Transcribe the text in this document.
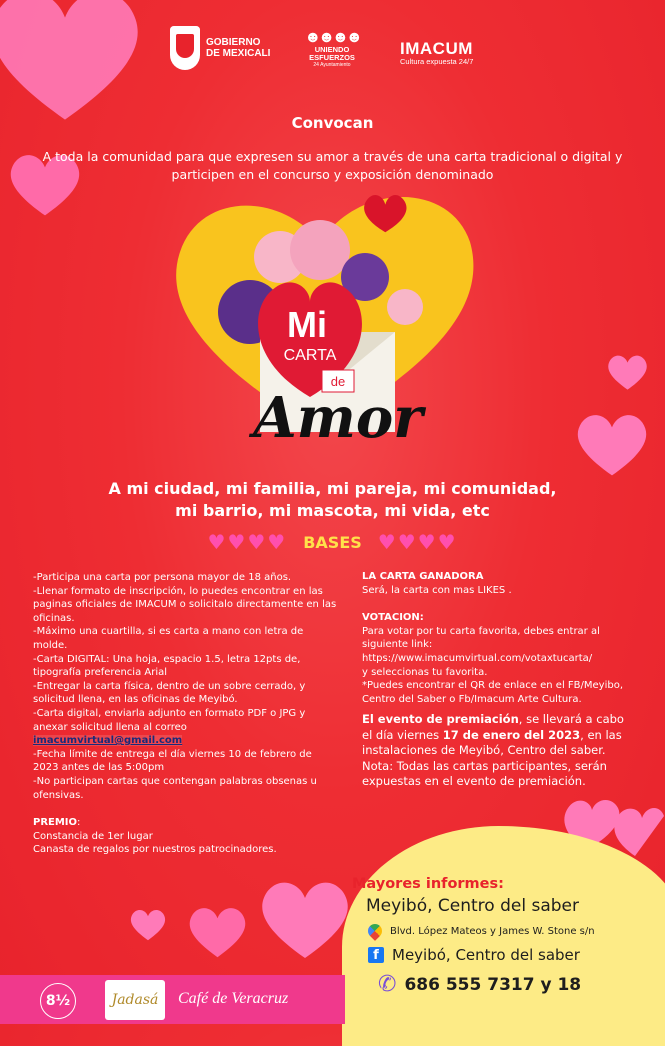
GOBIERNO
DE MEXICALI
☻☻☻☻
UNIENDO
ESFUERZOS
24 Ayuntamiento
IMACUM
Cultura expuesta 24/7
Convocan
A toda la comunidad para que expresen su amor a través de una carta tradicional o digital y participen en el concurso y exposición denominado
Mi
CARTA
de
Amor
A mi ciudad, mi familia, mi pareja, mi comunidad,
mi barrio, mi mascota, mi vida, etc
♥♥♥♥ BASES ♥♥♥♥
-Participa una carta por persona mayor de 18 años.
-Llenar formato de inscripción, lo puedes encontrar en las paginas oficiales de IMACUM o solicitalo directamente en las oficinas.
-Máximo una cuartilla, si es carta a mano con letra de molde.
-Carta DIGITAL: Una hoja, espacio 1.5, letra 12pts de, tipografía preferencia Arial
-Entregar la carta física, dentro de un sobre cerrado, y solicitud llena, en las oficinas de Meyibó.
-Carta digital, enviarla adjunto en formato PDF o JPG y anexar solicitud llena al correo
imacumvirtual@gmail.com
-Fecha límite de entrega el día viernes 10 de febrero de 2023 antes de las 5:00pm
-No participan cartas que contengan palabras obsenas u ofensivas.
PREMIO:
Constancia de 1er lugar
Canasta de regalos por nuestros patrocinadores.
LA CARTA GANADORA
Será, la carta con mas LIKES .
VOTACION:
Para votar por tu carta favorita, debes entrar al siguiente link:
https://www.imacumvirtual.com/votaxtucarta/
y seleccionas tu favorita.
*Puedes encontrar el QR de enlace en el FB/Meyibo, Centro del Saber o Fb/Imacum Arte Cultura.
El evento de premiación, se llevará a cabo el día viernes 17 de enero del 2023, en las instalaciones de Meyibó, Centro del saber.
Nota: Todas las cartas participantes, serán expuestas en el evento de premiación.
Mayores informes:
Meyibó, Centro del saber
Blvd. López Mateos y James W. Stone s/n
f Meyibó, Centro del saber
✆ 686 555 7317 y 18
8½	Jadasá	Café de Veracruz
